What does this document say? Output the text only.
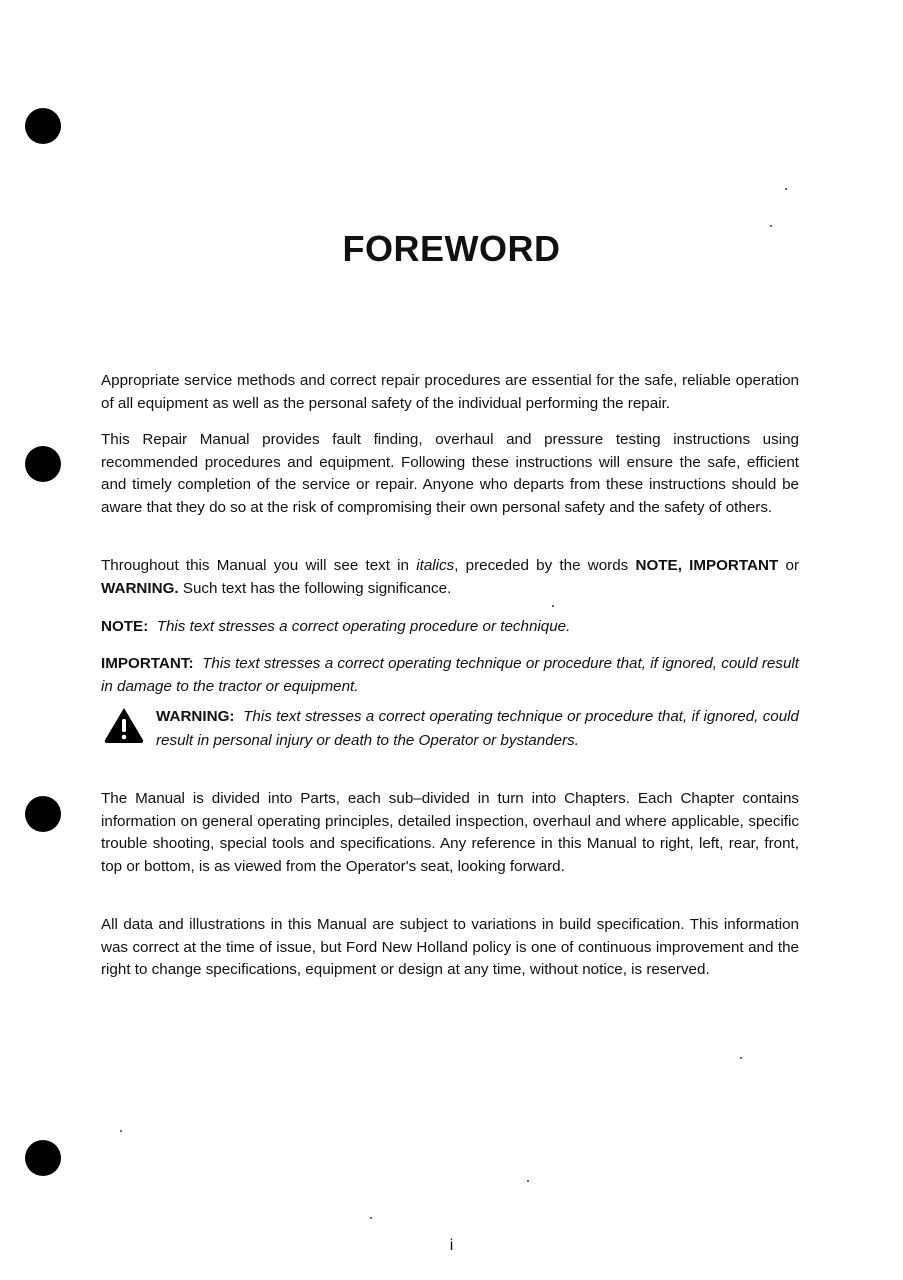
FOREWORD
Appropriate service methods and correct repair procedures are essential for the safe, reliable operation of all equipment as well as the personal safety of the individual performing the repair.
This Repair Manual provides fault finding, overhaul and pressure testing instructions using recommended procedures and equipment. Following these instructions will ensure the safe, efficient and timely completion of the service or repair. Anyone who departs from these instructions should be aware that they do so at the risk of compromising their own personal safety and the safety of others.
Throughout this Manual you will see text in italics, preceded by the words NOTE, IMPORTANT or WARNING. Such text has the following significance.
NOTE: This text stresses a correct operating procedure or technique.
IMPORTANT: This text stresses a correct operating technique or procedure that, if ignored, could result in damage to the tractor or equipment.
WARNING: This text stresses a correct operating technique or procedure that, if ignored, could result in personal injury or death to the Operator or bystanders.
The Manual is divided into Parts, each sub–divided in turn into Chapters. Each Chapter contains information on general operating principles, detailed inspection, overhaul and where applicable, specific trouble shooting, special tools and specifications. Any reference in this Manual to right, left, rear, front, top or bottom, is as viewed from the Operator's seat, looking forward.
All data and illustrations in this Manual are subject to variations in build specification. This information was correct at the time of issue, but Ford New Holland policy is one of continuous improvement and the right to change specifications, equipment or design at any time, without notice, is reserved.
i
